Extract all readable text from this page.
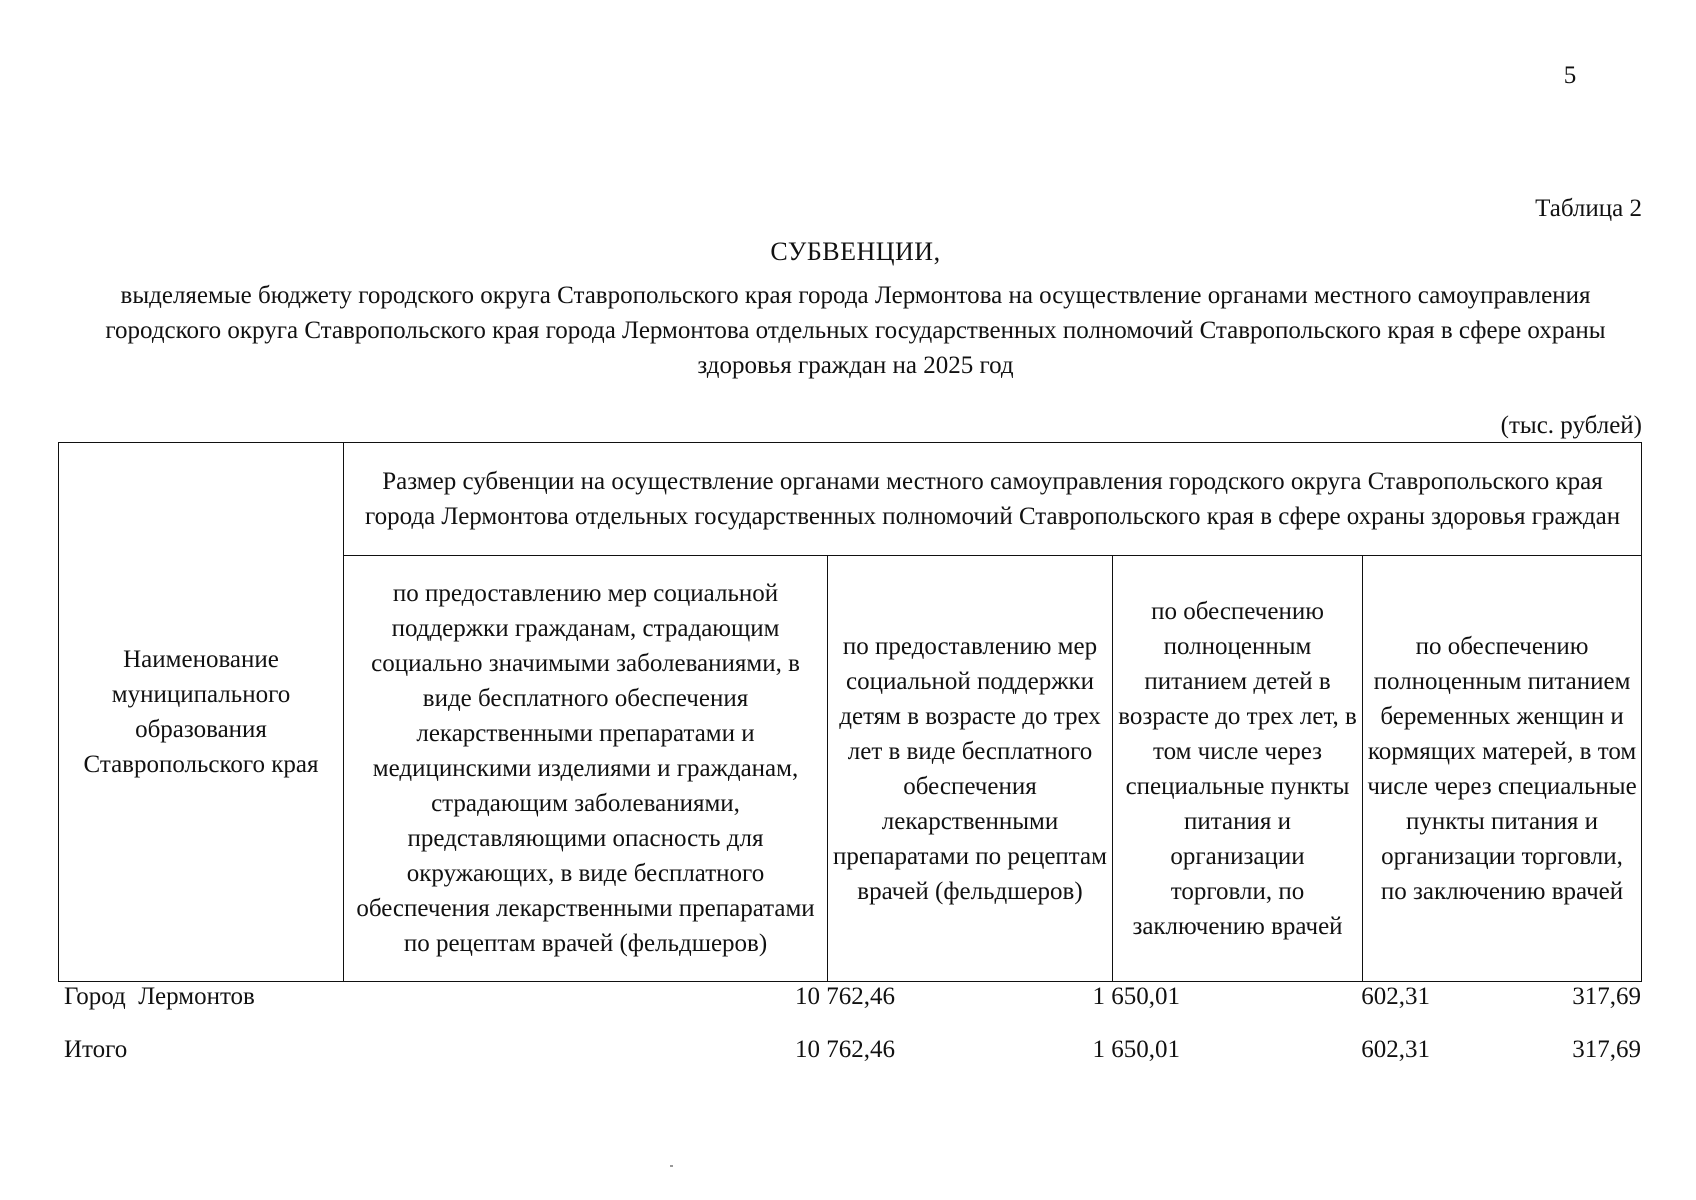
5
Таблица 2
СУБВЕНЦИИ,
выделяемые бюджету городского округа Ставропольского края города Лермонтова на осуществление органами местного самоуправления городского округа Ставропольского края города Лермонтова отдельных государственных полномочий Ставропольского края в сфере охраны здоровья граждан на 2025 год
(тыс. рублей)
Наименование муниципального образования Ставропольского края	Размер субвенции на осуществление органами местного самоуправления городского округа Ставропольского края города Лермонтова отдельных государственных полномочий Ставропольского края в сфере охраны здоровья граждан			
	по предоставлению мер социальной поддержки гражданам, страдающим социально значимыми заболеваниями, в виде бесплатного обеспечения лекарственными препаратами и медицинскими изделиями и гражданам, страдающим заболеваниями, представляющими опасность для окружающих, в виде бесплатного обеспечения лекарственными препаратами по рецептам врачей (фельдшеров)	по предоставлению мер социальной поддержки детям в возрасте до трех лет в виде бесплатного обеспечения лекарственными препаратами по рецептам врачей (фельдшеров)	по обеспечению полноценным питанием детей в возрасте до трех лет, в том числе через специальные пункты питания и организации торговли, по заключению врачей	по обеспечению полноценным питанием беременных женщин и кормящих матерей, в том числе через специальные пункты питания и организации торговли, по заключению врачей
Город  Лермонтов	10 762,46	1 650,01	602,31	317,69
Итого	10 762,46	1 650,01	602,31	317,69
